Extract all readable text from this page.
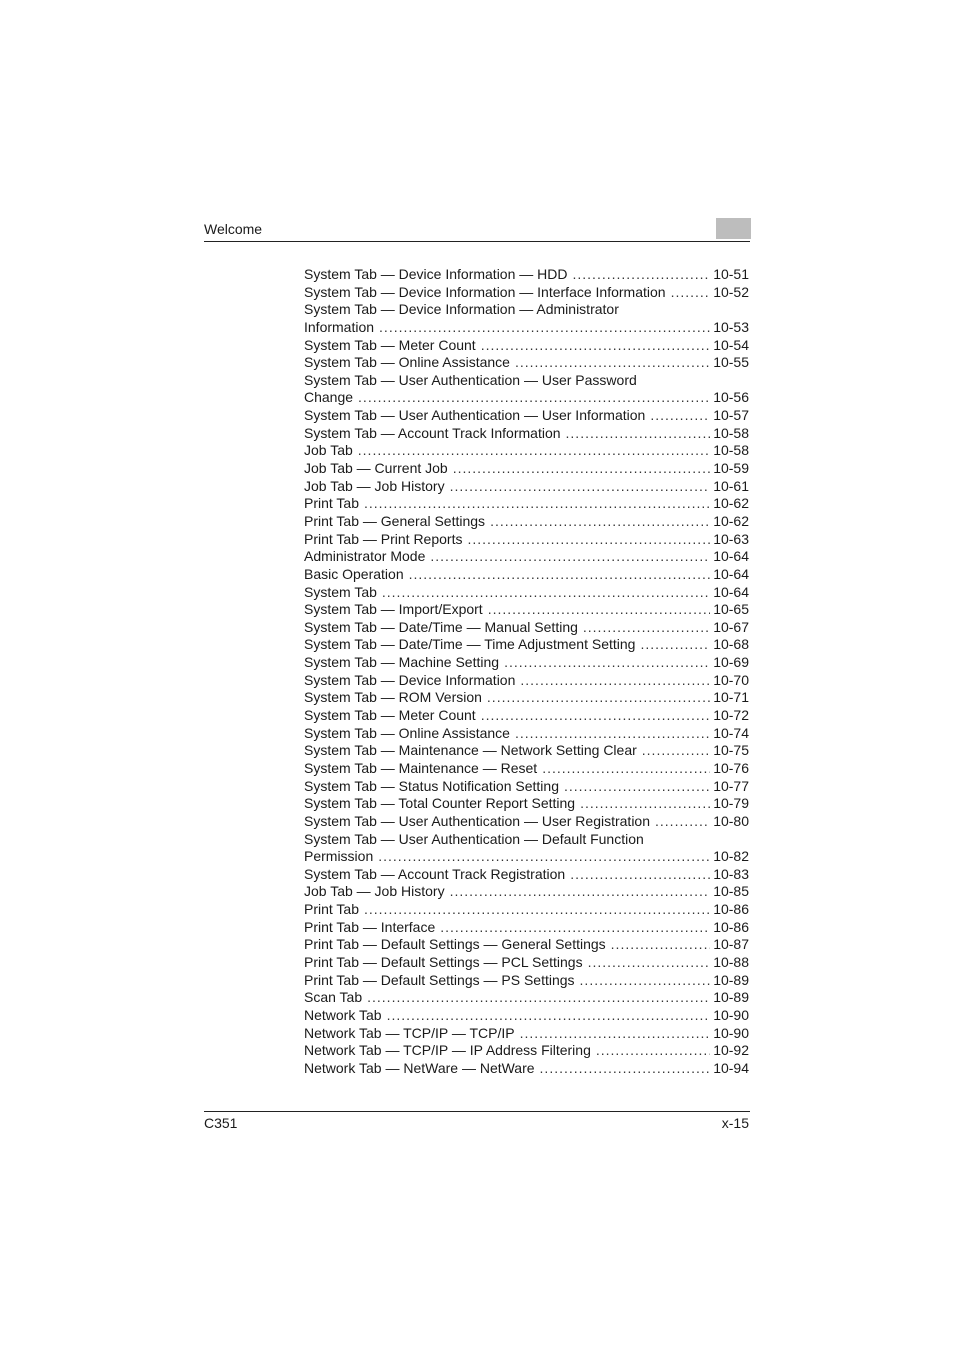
Welcome
System Tab — Device Information — HDD .....	10-51
System Tab — Device Information — Interface Information .....	10-52
System Tab — Device Information — Administrator
Information .....	10-53
System Tab — Meter Count .....	10-54
System Tab — Online Assistance .....	10-55
System Tab — User Authentication — User Password
Change .....	10-56
System Tab — User Authentication — User Information .....	10-57
System Tab — Account Track Information .....	10-58
Job Tab .....	10-58
Job Tab — Current Job .....	10-59
Job Tab — Job History .....	10-61
Print Tab .....	10-62
Print Tab — General Settings .....	10-62
Print Tab — Print Reports .....	10-63
Administrator Mode .....	10-64
Basic Operation .....	10-64
System Tab .....	10-64
System Tab — Import/Export .....	10-65
System Tab — Date/Time — Manual Setting .....	10-67
System Tab — Date/Time — Time Adjustment Setting .....	10-68
System Tab — Machine Setting .....	10-69
System Tab — Device Information .....	10-70
System Tab — ROM Version .....	10-71
System Tab — Meter Count .....	10-72
System Tab — Online Assistance .....	10-74
System Tab — Maintenance — Network Setting Clear .....	10-75
System Tab — Maintenance — Reset .....	10-76
System Tab — Status Notification Setting .....	10-77
System Tab — Total Counter Report Setting .....	10-79
System Tab — User Authentication — User Registration .....	10-80
System Tab — User Authentication — Default Function
Permission .....	10-82
System Tab — Account Track Registration .....	10-83
Job Tab — Job History .....	10-85
Print Tab .....	10-86
Print Tab — Interface .....	10-86
Print Tab — Default Settings — General Settings .....	10-87
Print Tab — Default Settings — PCL Settings .....	10-88
Print Tab — Default Settings — PS Settings .....	10-89
Scan Tab .....	10-89
Network Tab .....	10-90
Network Tab — TCP/IP — TCP/IP .....	10-90
Network Tab — TCP/IP — IP Address Filtering .....	10-92
Network Tab — NetWare — NetWare .....	10-94
C351	x-15
